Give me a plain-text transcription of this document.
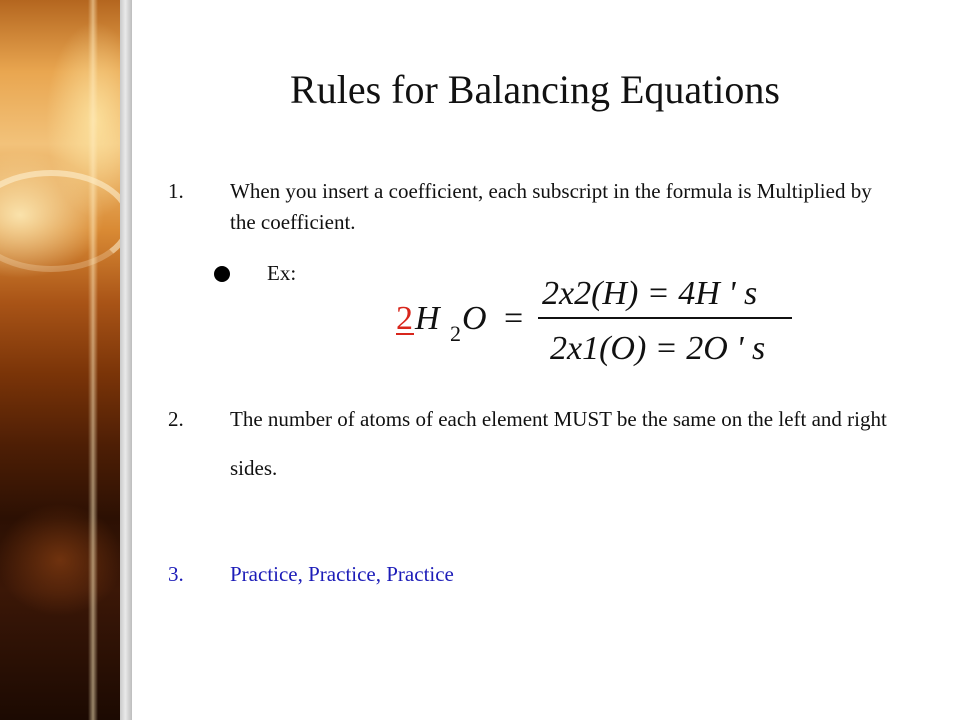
Rules for Balancing Equations
1. When you insert a coefficient, each subscript in the formula is Multiplied by the coefficient.
Ex:
2 H 2 O =
2x2(H) = 4H ' s
2x1(O) = 2O ' s
2. The number of atoms of each element MUST be the same on the left and right sides.
3. Practice, Practice, Practice
